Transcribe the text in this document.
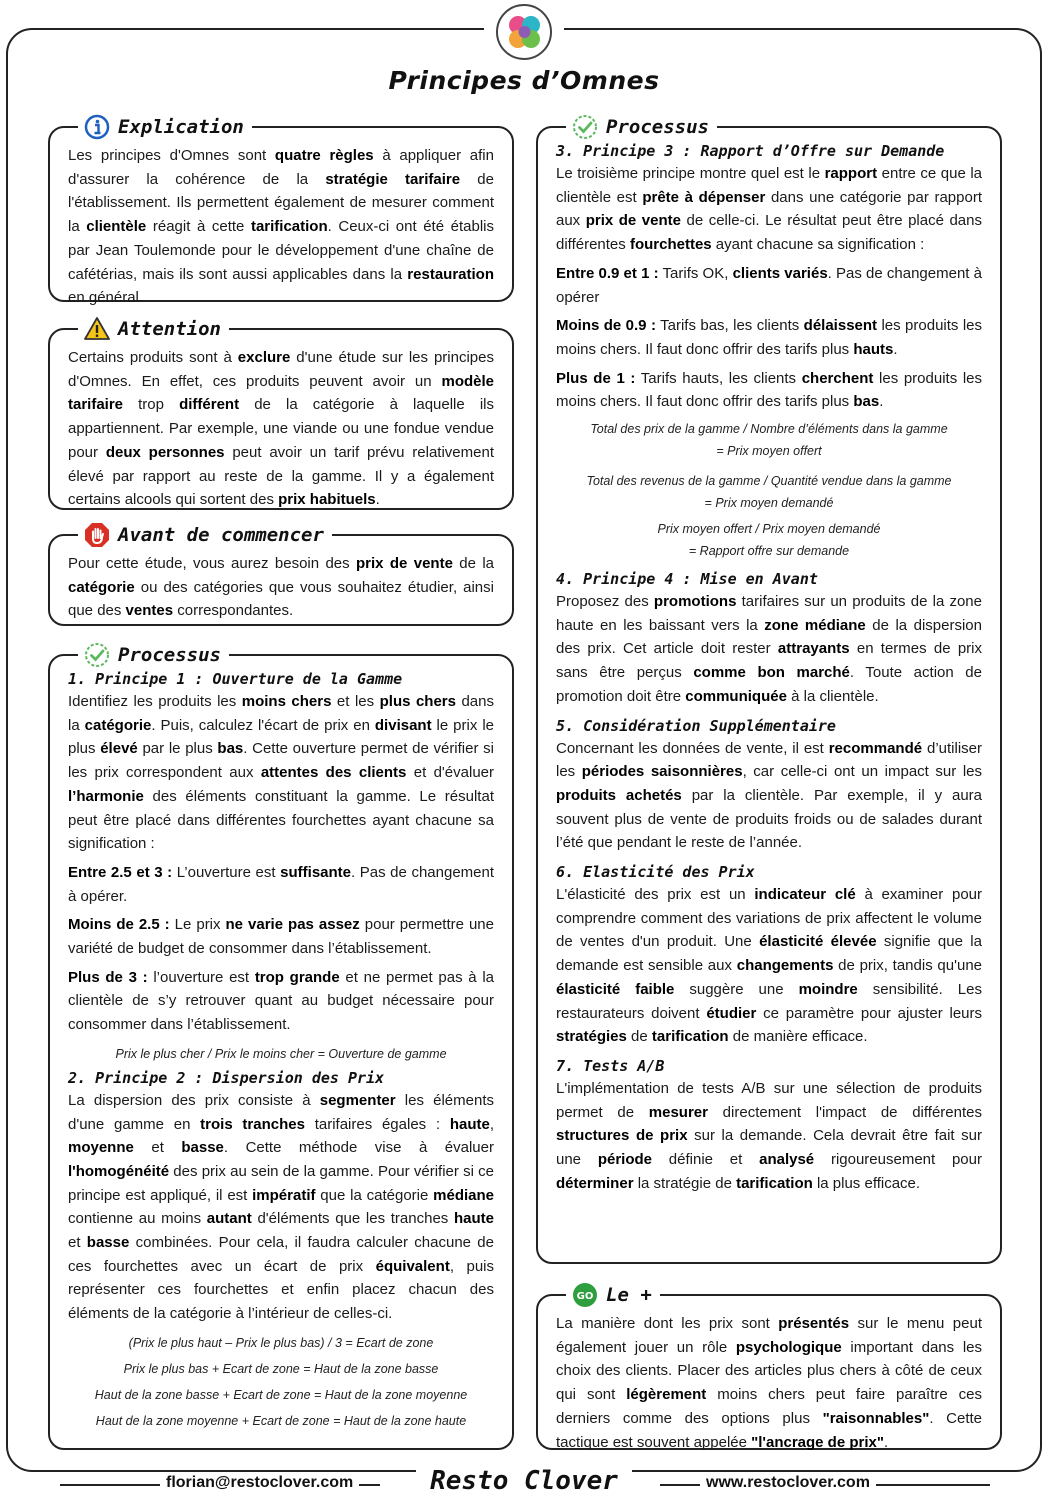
Principes d’Omnes
Explication

Les principes d'Omnes sont quatre règles à appliquer afin d'assurer la cohérence de la stratégie tarifaire de l'établissement. Ils permettent également de mesurer comment la clientèle réagit à cette tarification. Ceux-ci ont été établis par Jean Toulemonde pour le développement d'une chaîne de cafétérias, mais ils sont aussi applicables dans la restauration en général.

Attention

Certains produits sont à exclure d'une étude sur les principes d'Omnes. En effet, ces produits peuvent avoir un modèle tarifaire trop différent de la catégorie à laquelle ils appartiennent. Par exemple, une viande ou une fondue vendue pour deux personnes peut avoir un tarif prévu relativement élevé par rapport au reste de la gamme. Il y a également certains alcools qui sortent des prix habituels.

Avant de commencer

Pour cette étude, vous aurez besoin des prix de vente de la catégorie ou des catégories que vous souhaitez étudier, ainsi que des ventes correspondantes.

Processus
1. Principe 1 : Ouverture de la Gamme

Identifiez les produits les moins chers et les plus chers dans la catégorie. Puis, calculez l'écart de prix en divisant le prix le plus élevé par le plus bas. Cette ouverture permet de vérifier si les prix correspondent aux attentes des clients et d'évaluer l’harmonie des éléments constituant la gamme. Le résultat peut être placé dans différentes fourchettes ayant chacune sa signification :

Entre 2.5 et 3 : L’ouverture est suffisante. Pas de changement à opérer.

Moins de 2.5 : Le prix ne varie pas assez pour permettre une variété de budget de consommer dans l’établissement.

Plus de 3 : l’ouverture est trop grande et ne permet pas à la clientèle de s’y retrouver quant au budget nécessaire pour consommer dans l’établissement.

Prix le plus cher / Prix le moins cher = Ouverture de gamme
2. Principe 2 : Dispersion des Prix

La dispersion des prix consiste à segmenter les éléments d'une gamme en trois tranches tarifaires égales : haute, moyenne et basse. Cette méthode vise à évaluer l'homogénéité des prix au sein de la gamme. Pour vérifier si ce principe est appliqué, il est impératif que la catégorie médiane contienne au moins autant d'éléments que les tranches haute et basse combinées. Pour cela, il faudra calculer chacune de ces fourchettes avec un écart de prix équivalent, puis représenter ces fourchettes et enfin placez chacun des éléments de la catégorie à l’intérieur de celles-ci.

(Prix le plus haut – Prix le plus bas) / 3 = Ecart de zone
Prix le plus bas + Ecart de zone = Haut de la zone basse
Haut de la zone basse + Ecart de zone = Haut de la zone moyenne
Haut de la zone moyenne + Ecart de zone = Haut de la zone haute
Processus
3. Principe 3 : Rapport d’Offre sur Demande

Le troisième principe montre quel est le rapport entre ce que la clientèle est prête à dépenser dans une catégorie par rapport aux prix de vente de celle-ci. Le résultat peut être placé dans différentes fourchettes ayant chacune sa signification :

Entre 0.9 et 1 : Tarifs OK, clients variés. Pas de changement à opérer

Moins de 0.9 : Tarifs bas, les clients délaissent les produits les moins chers. Il faut donc offrir des tarifs plus hauts.

Plus de 1 : Tarifs hauts, les clients cherchent les produits les moins chers. Il faut donc offrir des tarifs plus bas.

Total des prix de la gamme / Nombre d’éléments dans la gamme
= Prix moyen offert
Total des revenus de la gamme / Quantité vendue dans la gamme
= Prix moyen demandé
Prix moyen offert / Prix moyen demandé
= Rapport offre sur demande
4. Principe 4 : Mise en Avant

Proposez des promotions tarifaires sur un produits de la zone haute en les baissant vers la zone médiane de la dispersion des prix. Cet article doit rester attrayants en termes de prix sans être perçus comme bon marché. Toute action de promotion doit être communiquée à la clientèle.

5. Considération Supplémentaire

Concernant les données de vente, il est recommandé d’utiliser les périodes saisonnières, car celle-ci ont un impact sur les produits achetés par la clientèle. Par exemple, il y aura souvent plus de vente de produits froids ou de salades durant l’été que pendant le reste de l’année.

6. Elasticité des Prix

L'élasticité des prix est un indicateur clé à examiner pour comprendre comment des variations de prix affectent le volume de ventes d'un produit. Une élasticité élevée signifie que la demande est sensible aux changements de prix, tandis qu'une élasticité faible suggère une moindre sensibilité. Les restaurateurs doivent étudier ce paramètre pour ajuster leurs stratégies de tarification de manière efficace.

7. Tests A/B

L'implémentation de tests A/B sur une sélection de produits permet de mesurer directement l'impact de différentes structures de prix sur la demande. Cela devrait être fait sur une période définie et analysé rigoureusement pour déterminer la stratégie de tarification la plus efficace.

GO Le +

La manière dont les prix sont présentés sur le menu peut également jouer un rôle psychologique important dans les choix des clients. Placer des articles plus chers à côté de ceux qui sont légèrement moins chers peut faire paraître ces derniers comme des options plus "raisonnables". Cette tactique est souvent appelée "l'ancrage de prix".

florian@restoclover.com	Resto Clover	www.restoclover.com
